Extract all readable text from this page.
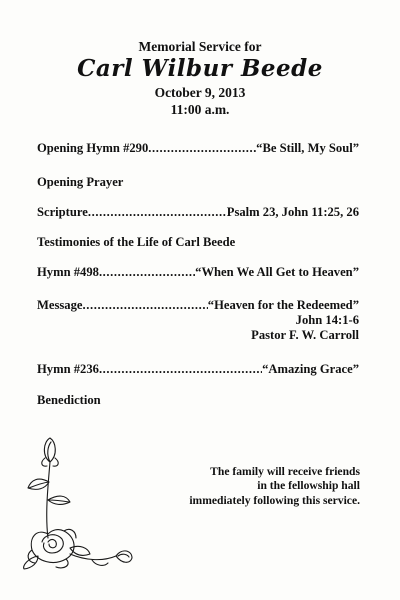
Memorial Service for
Carl Wilbur Beede
October 9, 2013
11:00 a.m.
Opening Hymn #290 .....	“Be Still, My Soul”
Opening Prayer
Scripture .....	Psalm 23, John 11:25, 26
Testimonies of the Life of Carl Beede
Hymn #498 .....	“When We All Get to Heaven”
Message .....	“Heaven for the Redeemed”
John 14:1-6
Pastor F. W. Carroll
Hymn #236 .....	“Amazing Grace”
Benediction
The family will receive friends
in the fellowship hall
immediately following this service.
